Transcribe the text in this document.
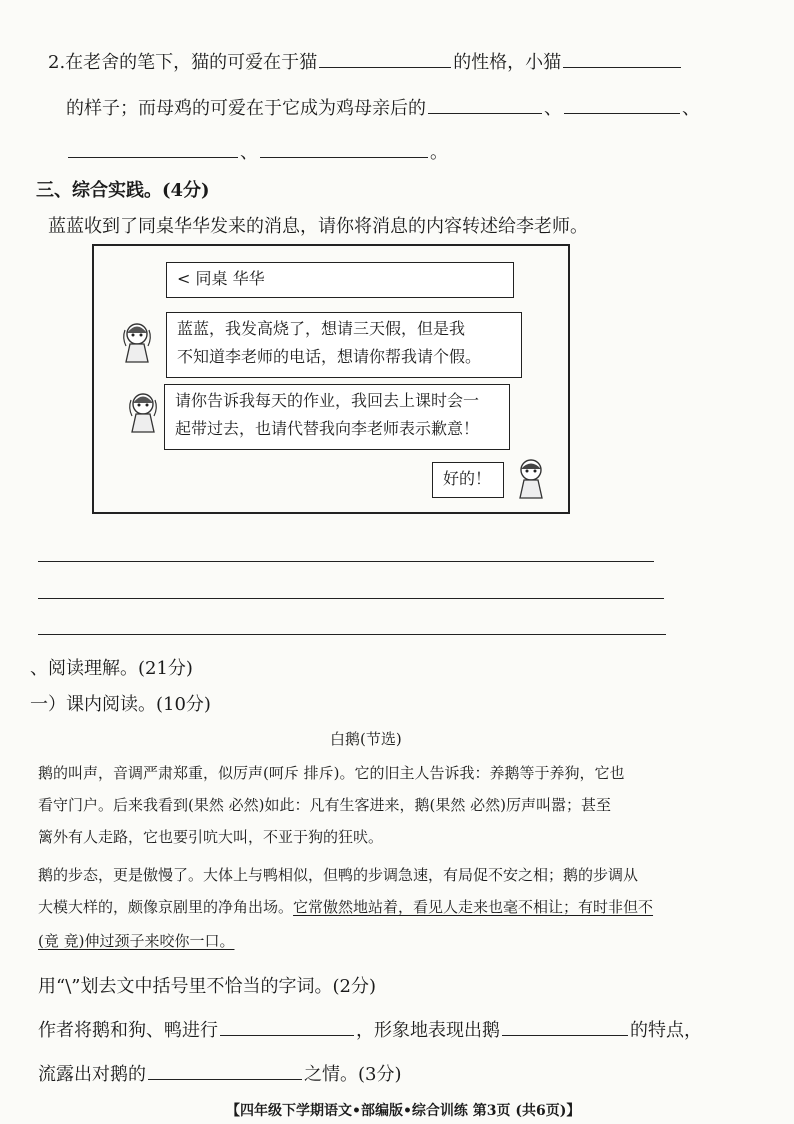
2.在老舍的笔下，猫的可爱在于猫	的性格，小猫
的样子；而母鸡的可爱在于它成为鸡母亲后的	、	、
、	。
三、综合实践。(4分)
蓝蓝收到了同桌华华发来的消息，请你将消息的内容转述给李老师。
< 同桌 华华
蓝蓝，我发高烧了，想请三天假，但是我
不知道李老师的电话，想请你帮我请个假。
请你告诉我每天的作业，我回去上课时会一
起带过去，也请代替我向李老师表示歉意！
好的！
、阅读理解。(21分)
一）课内阅读。(10分)
白鹅(节选)
鹅的叫声，音调严肃郑重，似厉声(呵斥 排斥)。它的旧主人告诉我：养鹅等于养狗，它也
看守门户。后来我看到(果然 必然)如此：凡有生客进来，鹅(果然 必然)厉声叫嚣；甚至
篱外有人走路，它也要引吭大叫，不亚于狗的狂吠。
鹅的步态，更是傲慢了。大体上与鸭相似，但鸭的步调急速，有局促不安之相；鹅的步调从
大模大样的，颇像京剧里的净角出场。它常傲然地站着，看见人走来也毫不相让；有时非但不
(竟 竟)伸过颈子来咬你一口。
用“\”划去文中括号里不恰当的字词。(2分)
作者将鹅和狗、鸭进行	，形象地表现出鹅	的特点，
流露出对鹅的	之情。(3分)
【四年级下学期语文•部编版•综合训练 第3页 (共6页)】
